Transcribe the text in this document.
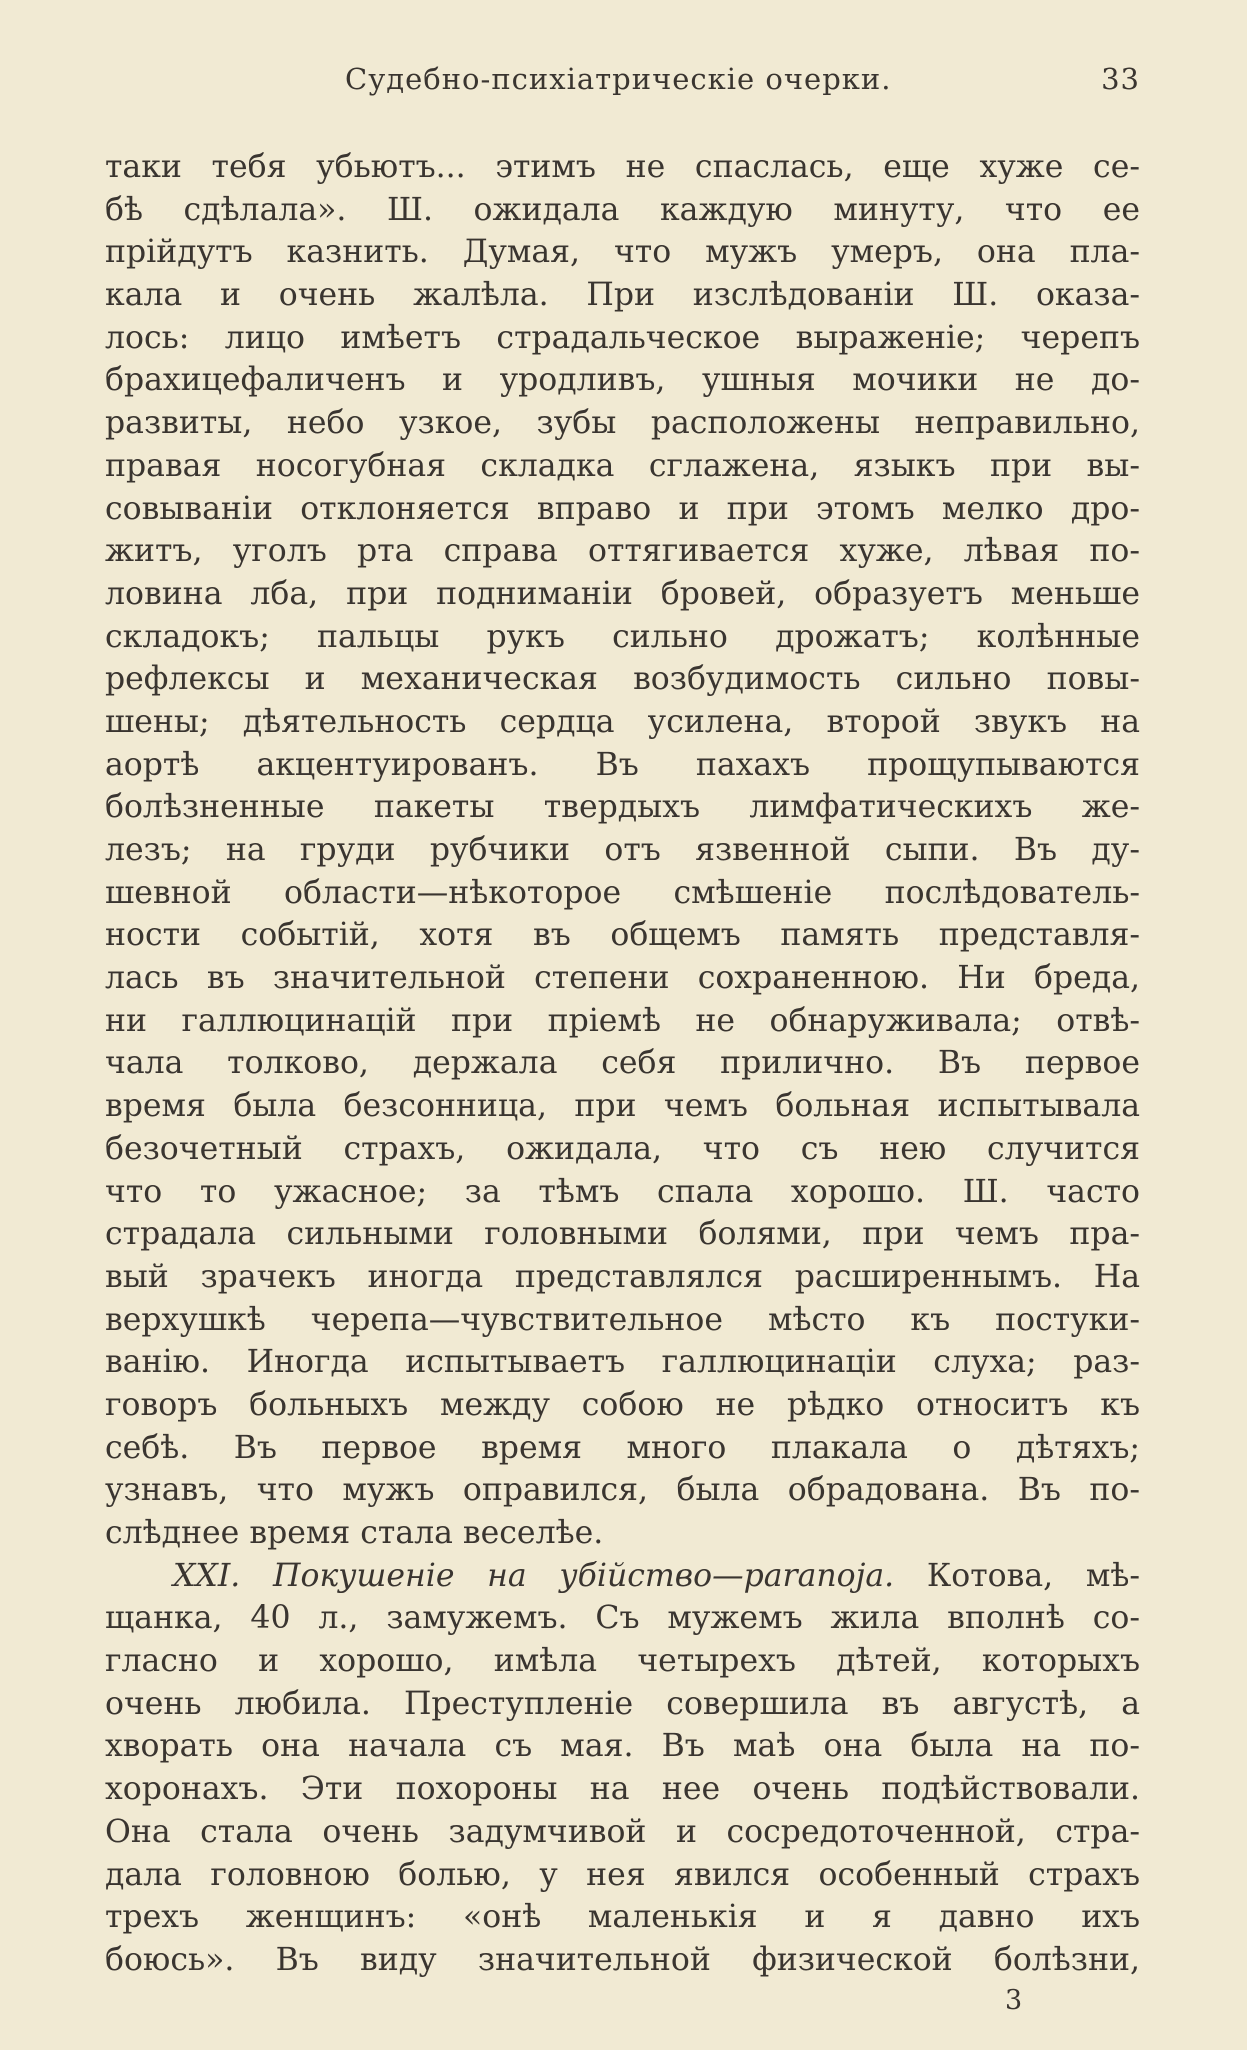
Судебно-психіатрическіе очерки.	33
таки тебя убьютъ... этимъ не спаслась, еще хуже се-
бѣ сдѣлала». Ш. ожидала каждую минуту, что ее
прійдутъ казнить. Думая, что мужъ умеръ, она пла-
кала и очень жалѣла. При изслѣдованіи Ш. оказа-
лось: лицо имѣетъ страдальческое выраженіе; черепъ
брахицефаличенъ и уродливъ, ушныя мочики не до-
развиты, небо узкое, зубы расположены неправильно,
правая носогубная складка сглажена, языкъ при вы-
совываніи отклоняется вправо и при этомъ мелко дро-
житъ, уголъ рта справа оттягивается хуже, лѣвая по-
ловина лба, при подниманіи бровей, образуетъ меньше
складокъ; пальцы рукъ сильно дрожатъ; колѣнные
рефлексы и механическая возбудимость сильно повы-
шены; дѣятельность сердца усилена, второй звукъ на
аортѣ акцентуированъ. Въ пахахъ прощупываются
болѣзненные пакеты твердыхъ лимфатическихъ же-
лезъ; на груди рубчики отъ язвенной сыпи. Въ ду-
шевной области—нѣкоторое смѣшеніе послѣдователь-
ности событій, хотя въ общемъ память представля-
лась въ значительной степени сохраненною. Ни бреда,
ни галлюцинацій при пріемѣ не обнаруживала; отвѣ-
чала толково, держала себя прилично. Въ первое
время была безсонница, при чемъ больная испытывала
безочетный страхъ, ожидала, что съ нею случится
что то ужасное; за тѣмъ спала хорошо. Ш. часто
страдала сильными головными болями, при чемъ пра-
вый зрачекъ иногда представлялся расширеннымъ. На
верхушкѣ черепа—чувствительное мѣсто къ постуки-
ванію. Иногда испытываетъ галлюцинаціи слуха; раз-
говоръ больныхъ между собою не рѣдко относитъ къ
себѣ. Въ первое время много плакала о дѣтяхъ;
узнавъ, что мужъ оправился, была обрадована. Въ по-
слѣднее время стала веселѣе.
XXI. Покушеніе на убійство—paranoja. Котова, мѣ-
щанка, 40 л., замужемъ. Съ мужемъ жила вполнѣ со-
гласно и хорошо, имѣла четырехъ дѣтей, которыхъ
очень любила. Преступленіе совершила въ августѣ, а
хворать она начала съ мая. Въ маѣ она была на по-
хоронахъ. Эти похороны на нее очень подѣйствовали.
Она стала очень задумчивой и сосредоточенной, стра-
дала головною болью, у нея явился особенный страхъ
трехъ женщинъ: «онѣ маленькія и я давно ихъ
боюсь». Въ виду значительной физической болѣзни,
3
